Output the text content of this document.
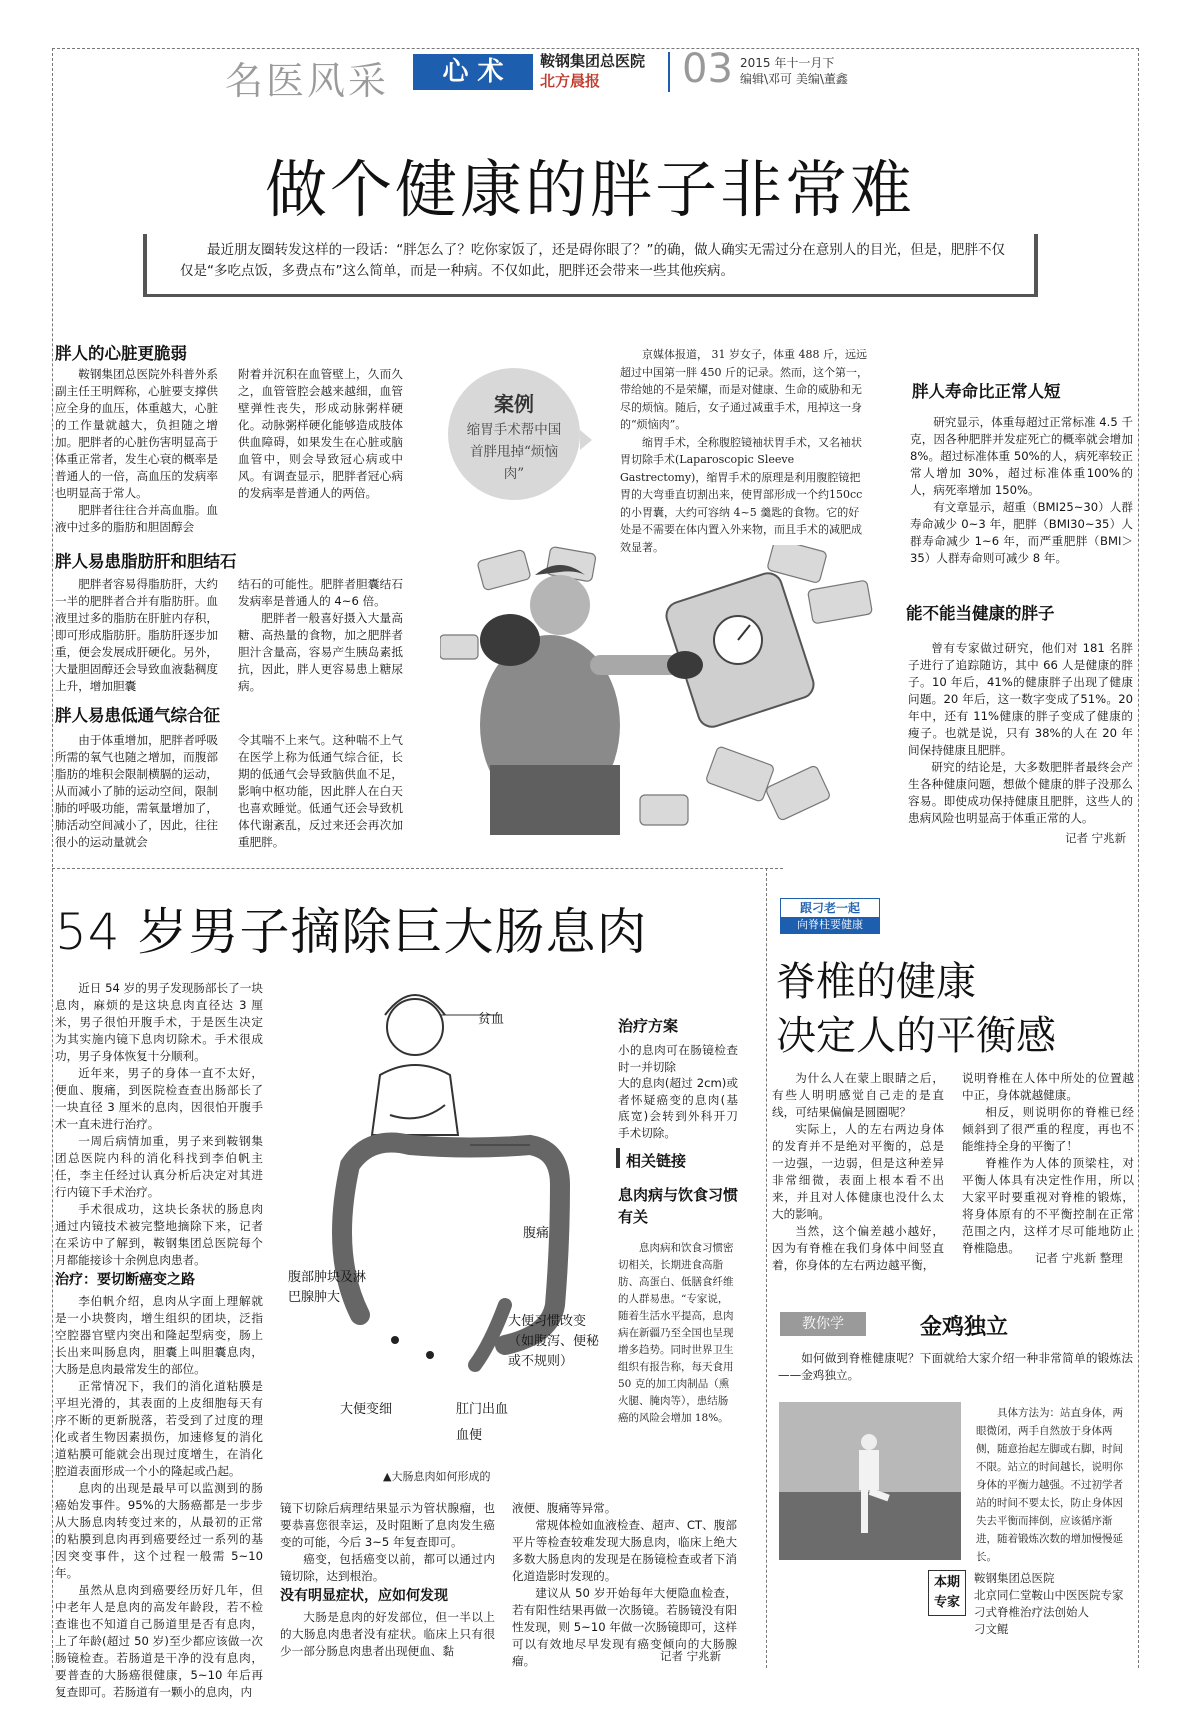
名医风采	心 术	鞍钢集团总医院
北方晨报 03 2015 年十一月下
编辑\邓可 美编\董鑫
做个健康的胖子非常难

最近朋友圈转发这样的一段话：“胖怎么了？吃你家饭了，还是碍你眼了？”的确，做人确实无需过分在意别人的目光，但是，肥胖不仅仅是“多吃点饭，多费点布”这么简单，而是一种病。不仅如此，肥胖还会带来一些其他疾病。

胖人的心脏更脆弱

鞍钢集团总医院外科普外系副主任王明辉称，心脏要支撑供应全身的血压，体重越大，心脏的工作量就越大，负担随之增加。肥胖者的心脏伤害明显高于体重正常者，发生心衰的概率是普通人的一倍，高血压的发病率也明显高于常人。

肥胖者往往合并高血脂。血液中过多的脂肪和胆固醇会

附着并沉积在血管壁上，久而久之，血管管腔会越来越细，血管壁弹性丧失，形成动脉粥样硬化。动脉粥样硬化能够造成肢体供血障碍，如果发生在心脏或脑血管中，则会导致冠心病或中风。有调查显示，肥胖者冠心病的发病率是普通人的两倍。

胖人易患脂肪肝和胆结石

肥胖者容易得脂肪肝，大约一半的肥胖者合并有脂肪肝。血液里过多的脂肪在肝脏内存积，即可形成脂肪肝。脂肪肝逐步加重，便会发展成肝硬化。另外，大量胆固醇还会导致血液黏稠度上升，增加胆囊

结石的可能性。肥胖者胆囊结石发病率是普通人的 4~6 倍。

肥胖者一般喜好摄入大量高糖、高热量的食物，加之肥胖者胆汁含量高，容易产生胰岛素抵抗，因此，胖人更容易患上糖尿病。

胖人易患低通气综合征

由于体重增加，肥胖者呼吸所需的氧气也随之增加，而腹部脂肪的堆积会限制横膈的运动，从而减小了肺的运动空间，限制肺的呼吸功能，需氧量增加了，肺活动空间减小了，因此，往往很小的运动量就会

令其喘不上来气。这种喘不上气在医学上称为低通气综合征，长期的低通气会导致脑供血不足，影响中枢功能，因此胖人在白天也喜欢睡觉。低通气还会导致机体代谢紊乱，反过来还会再次加重肥胖。

案例
缩胃手术帮中国首胖甩掉“烦恼肉”

京媒体报道， 31 岁女子，体重 488 斤，远远超过中国第一胖 450 斤的记录。然而，这个第一，带给她的不是荣耀，而是对健康、生命的威胁和无尽的烦恼。随后，女子通过减重手术，甩掉这一身的“烦恼肉”。

缩胃手术，全称腹腔镜袖状胃手术，又名袖状胃切除手术(Laparoscopic Sleeve Gastrectomy)，缩胃手术的原理是利用腹腔镜把胃的大弯垂直切割出来，使胃部形成一个约150cc 的小胃囊，大约可容纳 4~5 羹匙的食物。它的好处是不需要在体内置入外来物，而且手术的减肥成效显著。

胖人寿命比正常人短

研究显示，体重每超过正常标准 4.5 千克，因各种肥胖并发症死亡的概率就会增加 8%。超过标准体重 50%的人，病死率较正常人增加 30%，超过标准体重100%的人，病死率增加 150%。

有文章显示，超重（BMI25~30）人群寿命减少 0~3 年，肥胖（BMI30~35）人群寿命减少 1~6 年，而严重肥胖（BMI＞35）人群寿命则可减少 8 年。

能不能当健康的胖子

曾有专家做过研究，他们对 181 名胖子进行了追踪随访，其中 66 人是健康的胖子。10 年后，41%的健康胖子出现了健康问题。20 年后，这一数字变成了51%。20 年中，还有 11%健康的胖子变成了健康的瘦子。也就是说，只有 38%的人在 20 年间保持健康且肥胖。

研究的结论是，大多数肥胖者最终会产生各种健康问题，想做个健康的胖子没那么容易。即使成功保持健康且肥胖，这些人的患病风险也明显高于体重正常的人。

记者 宁兆新
54 岁男子摘除巨大肠息肉

近日 54 岁的男子发现肠部长了一块息肉，麻烦的是这块息肉直径达 3 厘米，男子很怕开腹手术，于是医生决定为其实施内镜下息肉切除术。手术很成功，男子身体恢复十分顺利。

近年来，男子的身体一直不太好，便血、腹痛，到医院检查查出肠部长了一块直径 3 厘米的息肉，因很怕开腹手术一直未进行治疗。

一周后病情加重，男子来到鞍钢集团总医院内科的消化科找到李伯帆主任，李主任经过认真分析后决定对其进行内镜下手术治疗。

手术很成功，这块长条状的肠息肉通过内镜技术被完整地摘除下来，记者在采访中了解到，鞍钢集团总医院每个月都能接诊十余例息肉患者。

治疗：要切断癌变之路

李伯帆介绍，息肉从字面上理解就是一小块赘肉，增生组织的团块，泛指空腔器官壁内突出和隆起型病变，肠上长出来叫肠息肉，胆囊上叫胆囊息肉，大肠是息肉最常发生的部位。

正常情况下，我们的消化道粘膜是平坦光滑的，其表面的上皮细胞每天有序不断的更新脱落，若受到了过度的理化或者生物因素损伤，加速修复的消化道粘膜可能就会出现过度增生，在消化腔道表面形成一个小的隆起或凸起。

息肉的出现是最早可以监测到的肠癌始发事件。95%的大肠癌都是一步步从大肠息肉转变过来的，从最初的正常的粘膜到息肉再到癌要经过一系列的基因突变事件，这个过程一般需 5~10 年。

虽然从息肉到癌要经历好几年，但中老年人是息肉的高发年龄段，若不检查谁也不知道自己肠道里是否有息肉，上了年龄(超过 50 岁)至少都应该做一次肠镜检查。若肠道是干净的没有息肉，要普查的大肠癌很健康，5~10 年后再复查即可。若肠道有一颗小的息肉，内

贫血
腹痛
腹部肿块及淋巴腺肿大
大便习惯改变（如腹泻、便秘或不规则）
大便变细	肛门出血
血便
▲大肠息肉如何形成的
治疗方案
小的息肉可在肠镜检查时一并切除
大的息肉(超过 2cm)或者怀疑癌变的息肉(基底宽)会转到外科开刀手术切除。
相关链接
息肉病与饮食习惯有关

息肉病和饮食习惯密切相关，长期进食高脂肪、高蛋白、低膳食纤维的人群易患。“专家说，随着生活水平提高，息肉病在新疆乃至全国也呈现增多趋势。同时世界卫生组织有报告称，每天食用 50 克的加工肉制品（熏火腿、腌肉等），患结肠癌的风险会增加 18%。

镜下切除后病理结果显示为管状腺瘤，也要恭喜您很幸运，及时阻断了息肉发生癌变的可能，今后 3~5 年复查即可。

癌变，包括癌变以前，都可以通过内镜切除，达到根治。

没有明显症状，应如何发现

大肠是息肉的好发部位，但一半以上的大肠息肉患者没有症状。临床上只有很少一部分肠息肉患者出现便血、黏

液便、腹痛等异常。

常规体检如血液检查、超声、CT、腹部平片等检查较难发现大肠息肉，临床上绝大多数大肠息肉的发现是在肠镜检查或者下消化道造影时发现的。

建议从 50 岁开始每年大便隐血检查，若有阳性结果再做一次肠镜。若肠镜没有阳性发现，则 5~10 年做一次肠镜即可，这样可以有效地尽早发现有癌变倾向的大肠腺瘤。	记者 宁兆新
跟刁老一起
向脊柱要健康
脊椎的健康
决定人的平衡感

为什么人在蒙上眼睛之后，有些人明明感觉自己走的是直线，可结果偏偏是圆圈呢？

实际上，人的左右两边身体的发育并不是绝对平衡的，总是一边强，一边弱，但是这种差异非常细微，表面上根本看不出来，并且对人体健康也没什么太大的影响。

当然，这个偏差越小越好，因为有脊椎在我们身体中间竖直着，你身体的左右两边越平衡，

说明脊椎在人体中所处的位置越中正，身体就越健康。

相反，则说明你的脊椎已经倾斜到了很严重的程度，再也不能维持全身的平衡了！

脊椎作为人体的顶梁柱，对平衡人体具有决定性作用，所以大家平时要重视对脊椎的锻炼，将身体原有的不平衡控制在正常范围之内，这样才尽可能地防止脊椎隐患。

记者 宁兆新 整理
教你学	金鸡独立

如何做到脊椎健康呢？下面就给大家介绍一种非常简单的锻炼法——金鸡独立。

具体方法为：站直身体，两眼微闭，两手自然放于身体两侧，随意抬起左脚或右脚，时间不限。站立的时间越长，说明你身体的平衡力越强。不过初学者站的时间不要太长，防止身体因失去平衡而摔倒，应该循序渐进，随着锻炼次数的增加慢慢延长。

本期专家
鞍钢集团总医院
北京同仁堂鞍山中医医院专家
刁式脊椎治疗法创始人
刁文鲲
